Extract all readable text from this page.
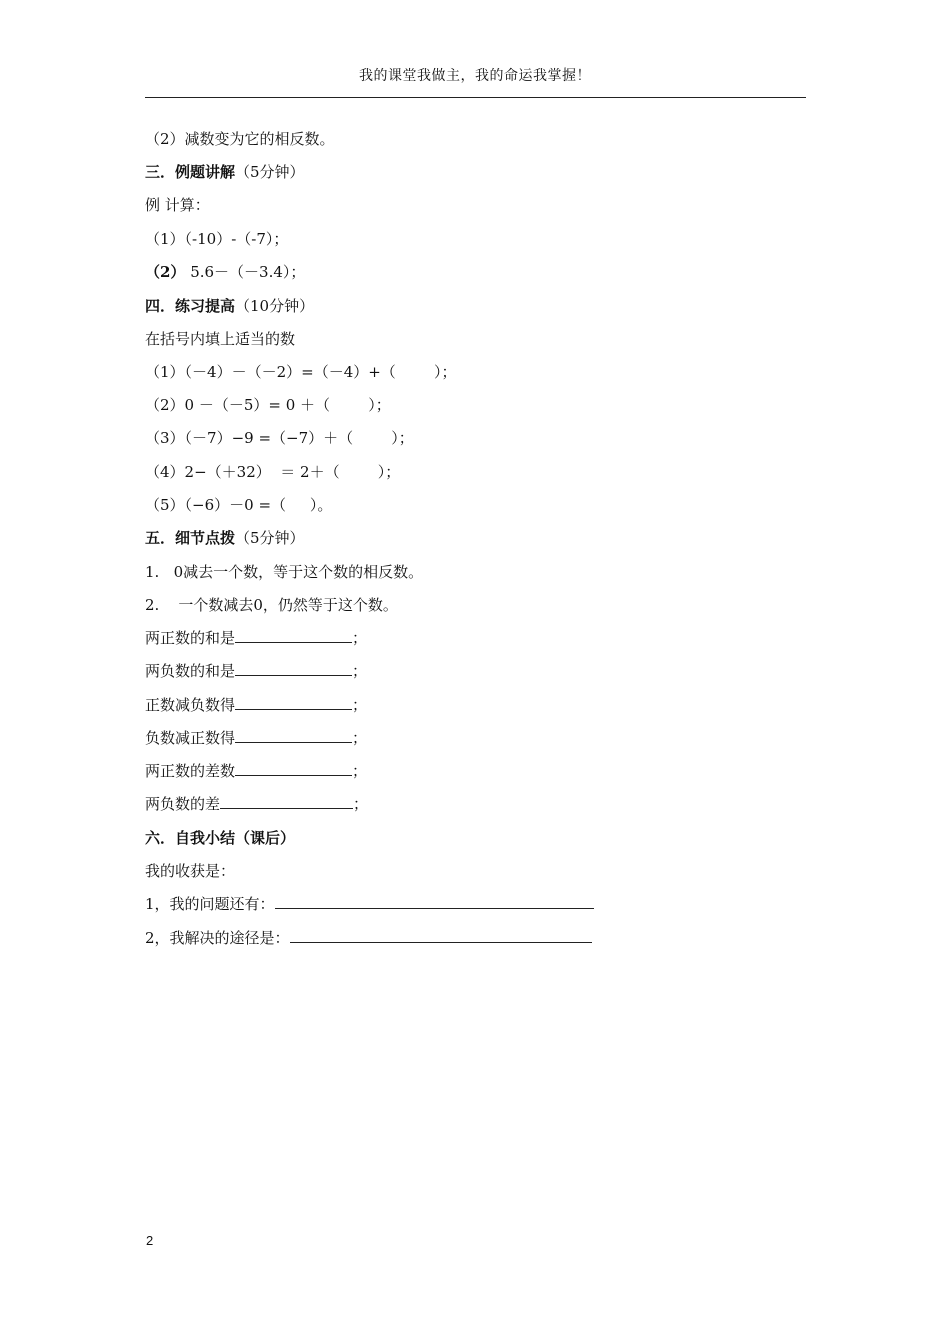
我的课堂我做主，我的命运我掌握！
（2）减数变为它的相反数。
三．例题讲解（5分钟）
例 计算：
（1）（-10）-（-7）；
（2） 5.6－（－3.4）；
四．练习提高（10分钟）
在括号内填上适当的数
（1）（－4）－（－2）=（－4）+（        ）；
（2）0 －（－5）= 0 ＋（        ）；
（3）（－7）−9 =（−7）＋（        ）；
（4）2−（＋32）  ＝ 2＋（        ）；
（5）（−6）－0 =（     ）。
五．细节点拨（5分钟）
1.   0减去一个数，等于这个数的相反数。
2.    一个数减去0，仍然等于这个数。
两正数的和是	；
两负数的和是	；
正数减负数得	；
负数减正数得	；
两正数的差数	；
两负数的差	；
六．自我小结（课后）
我的收获是：
1，我的问题还有：
2，我解决的途径是：
2
